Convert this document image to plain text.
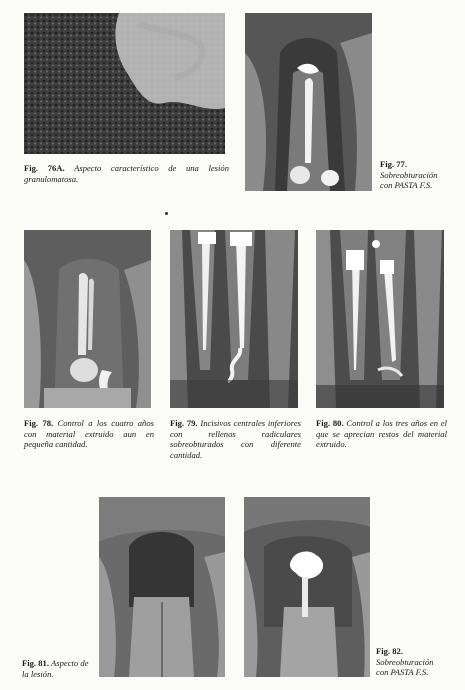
Fig. 76A. Aspecto característico de una lesión granulomatosa.
Fig. 77. Sobreobturación con PASTA F.S.
Fig. 78. Control a los cuatro años con material extruido aun en pequeña cantidad.
Fig. 79. Incisivos centrales inferiores con rellenos radiculares sobreobturados con diferente cantidad.
Fig. 80. Control a los tres años en el que se aprecian restos del material extruido.
Fig. 81. Aspecto de la lesión.
Fig. 82. Sobreobturación con PASTA F.S.
